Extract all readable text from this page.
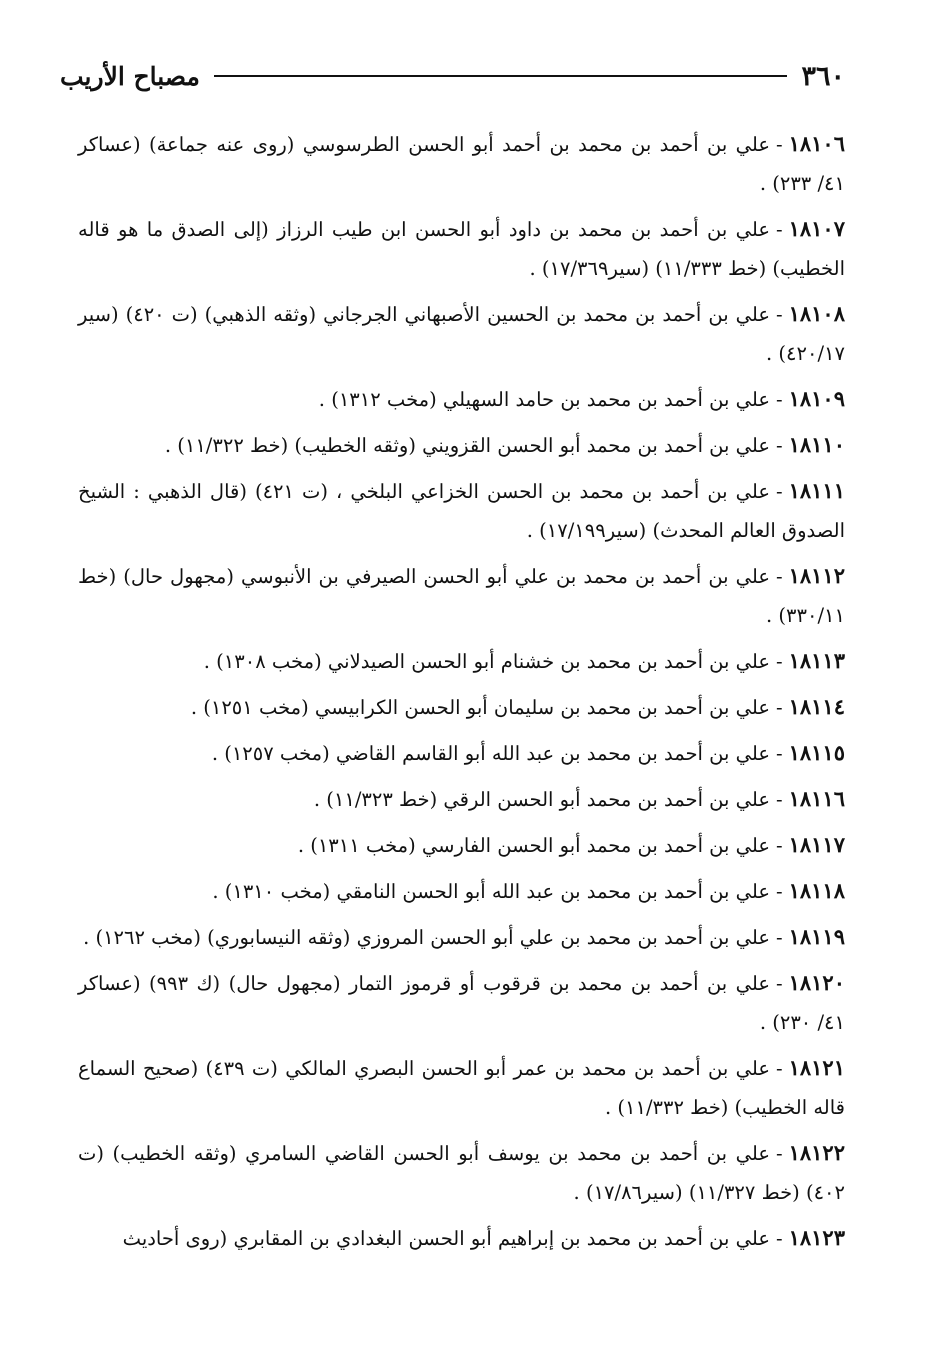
٣٦٠
مصباح الأريب
١٨١٠٦-علي بن أحمد بن محمد بن أحمد أبو الحسن الطرسوسي (روى عنه جماعة) (عساكر ٤١/ ٢٣٣) .
١٨١٠٧-علي بن أحمد بن محمد بن داود أبو الحسن ابن طيب الرزاز (إلى الصدق ما هو قاله الخطيب) (خط ١١/٣٣٣) (سير١٧/٣٦٩) .
١٨١٠٨-علي بن أحمد بن محمد بن الحسين الأصبهاني الجرجاني (وثقه الذهبي) (ت ٤٢٠) (سير ٤٢٠/١٧) .
١٨١٠٩-علي بن أحمد بن محمد بن حامد السهيلي (مخب ١٣١٢) .
١٨١١٠-علي بن أحمد بن محمد أبو الحسن القزويني (وثقه الخطيب) (خط ١١/٣٢٢) .
١٨١١١-علي بن أحمد بن محمد بن الحسن الخزاعي البلخي ، (ت ٤٢١) (قال الذهبي : الشيخ الصدوق العالم المحدث) (سير١٧/١٩٩) .
١٨١١٢-علي بن أحمد بن محمد بن علي أبو الحسن الصيرفي بن الأنبوسي (مجهول حال) (خط ٣٣٠/١١) .
١٨١١٣-علي بن أحمد بن محمد بن خشنام أبو الحسن الصيدلاني (مخب ١٣٠٨) .
١٨١١٤-علي بن أحمد بن محمد بن سليمان أبو الحسن الكرابيسي (مخب ١٢٥١) .
١٨١١٥-علي بن أحمد بن محمد بن عبد الله أبو القاسم القاضي (مخب ١٢٥٧) .
١٨١١٦-علي بن أحمد بن محمد أبو الحسن الرقي (خط ١١/٣٢٣) .
١٨١١٧-علي بن أحمد بن محمد أبو الحسن الفارسي (مخب ١٣١١) .
١٨١١٨-علي بن أحمد بن محمد بن عبد الله أبو الحسن النامقي (مخب ١٣١٠) .
١٨١١٩-علي بن أحمد بن محمد بن علي أبو الحسن المروزي (وثقه النيسابوري) (مخب ١٢٦٢) .
١٨١٢٠-علي بن أحمد بن محمد بن قرقوب أو قرموز التمار (مجهول حال) (ك ٩٩٣) (عساكر ٤١/ ٢٣٠) .
١٨١٢١-علي بن أحمد بن محمد بن عمر أبو الحسن البصري المالكي (ت ٤٣٩) (صحيح السماع قاله الخطيب) (خط ١١/٣٣٢) .
١٨١٢٢-علي بن أحمد بن محمد بن يوسف أبو الحسن القاضي السامري (وثقه الخطيب) (ت ٤٠٢) (خط ١١/٣٢٧) (سير١٧/٨٦) .
١٨١٢٣-علي بن أحمد بن محمد بن إبراهيم أبو الحسن البغدادي بن المقابري (روى أحاديث
